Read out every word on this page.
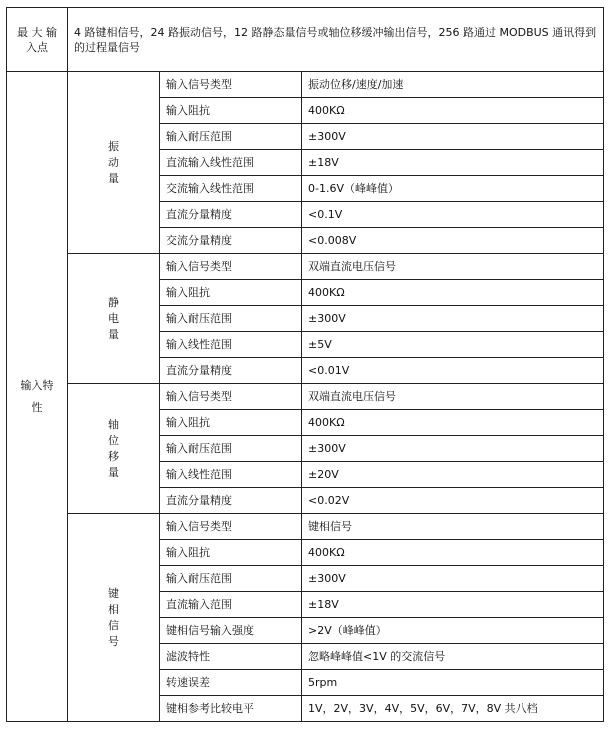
最 大 输 入点	4 路键相信号，24 路振动信号，12 路静态量信号或轴位移缓冲输出信号，256 路通过 MODBUS 通讯得到的过程量信号		
输入特性	振动量	输入信号类型	振动位移/速度/加速
		输入阻抗	400KΩ
		输入耐压范围	±300V
		直流输入线性范围	±18V
		交流输入线性范围	0-1.6V（峰峰值）
		直流分量精度	<0.1V
		交流分量精度	<0.008V
	静电量	输入信号类型	双端直流电压信号
		输入阻抗	400KΩ
		输入耐压范围	±300V
		输入线性范围	±5V
		直流分量精度	<0.01V
	轴位移量	输入信号类型	双端直流电压信号
		输入阻抗	400KΩ
		输入耐压范围	±300V
		输入线性范围	±20V
		直流分量精度	<0.02V
	键相信号	输入信号类型	键相信号
		输入阻抗	400KΩ
		输入耐压范围	±300V
		直流输入范围	±18V
		键相信号输入强度	>2V（峰峰值）
		滤波特性	忽略峰峰值<1V 的交流信号
		转速误差	5rpm
		键相参考比较电平	1V，2V，3V，4V，5V，6V，7V，8V 共八档
